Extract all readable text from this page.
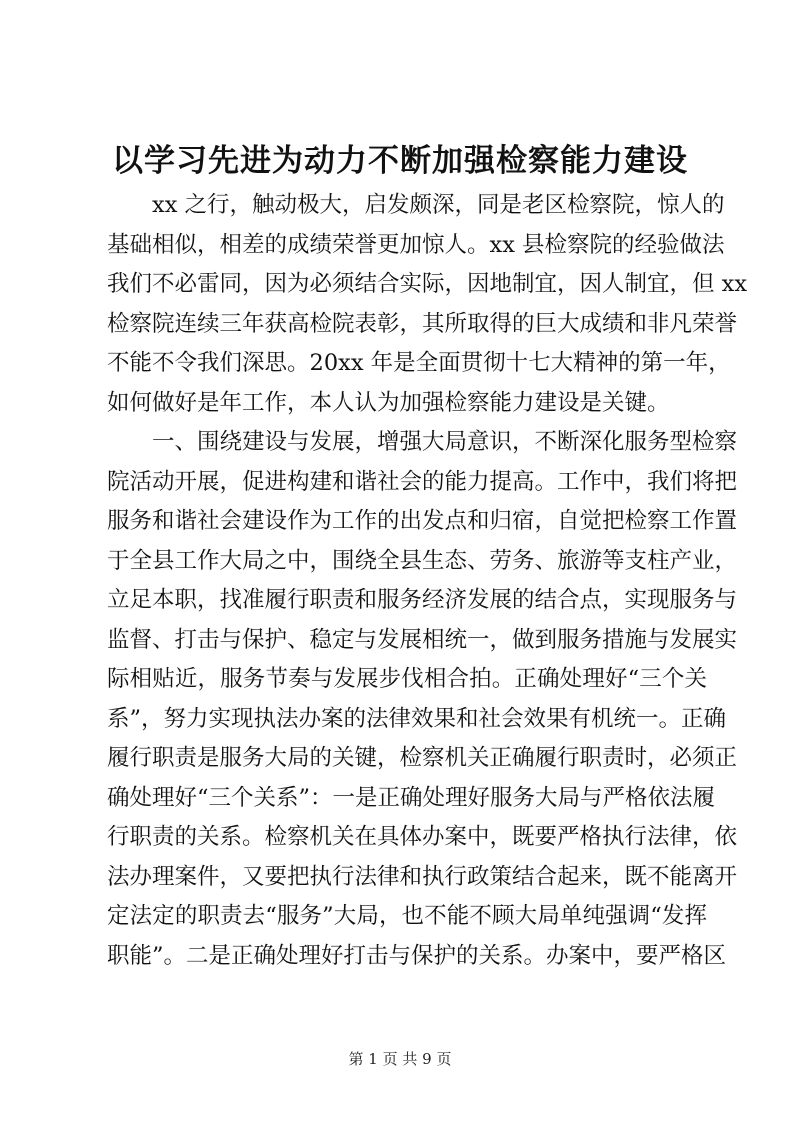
以学习先进为动力不断加强检察能力建设
xx 之行，触动极大，启发颇深，同是老区检察院，惊人的
基础相似，相差的成绩荣誉更加惊人。xx 县检察院的经验做法
我们不必雷同，因为必须结合实际，因地制宜，因人制宜，但 xx
检察院连续三年获高检院表彰，其所取得的巨大成绩和非凡荣誉
不能不令我们深思。20xx 年是全面贯彻十七大精神的第一年，
如何做好是年工作，本人认为加强检察能力建设是关键。
一、围绕建设与发展，增强大局意识，不断深化服务型检察
院活动开展，促进构建和谐社会的能力提高。工作中，我们将把
服务和谐社会建设作为工作的出发点和归宿，自觉把检察工作置
于全县工作大局之中，围绕全县生态、劳务、旅游等支柱产业，
立足本职，找准履行职责和服务经济发展的结合点，实现服务与
监督、打击与保护、稳定与发展相统一，做到服务措施与发展实
际相贴近，服务节奏与发展步伐相合拍。正确处理好“三个关
系”，努力实现执法办案的法律效果和社会效果有机统一。正确
履行职责是服务大局的关键，检察机关正确履行职责时，必须正
确处理好“三个关系”：一是正确处理好服务大局与严格依法履
行职责的关系。检察机关在具体办案中，既要严格执行法律，依
法办理案件，又要把执行法律和执行政策结合起来，既不能离开
定法定的职责去“服务”大局，也不能不顾大局单纯强调“发挥
职能”。二是正确处理好打击与保护的关系。办案中，要严格区
第 1 页 共 9 页
